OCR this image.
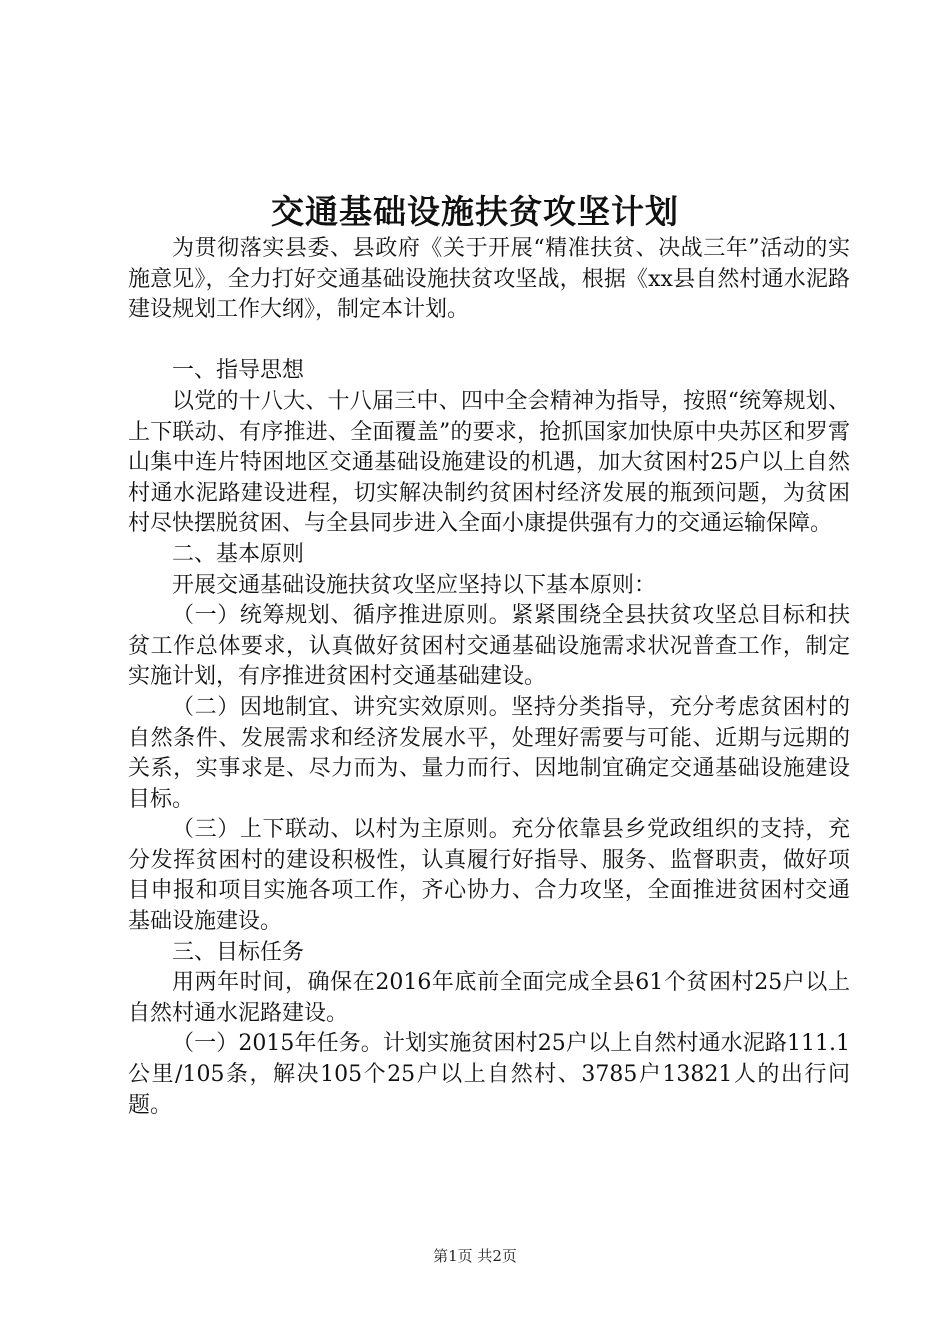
交通基础设施扶贫攻坚计划

为贯彻落实县委、县政府《关于开展“精准扶贫、决战三年”活动的实施意见》，全力打好交通基础设施扶贫攻坚战，根据《xx县自然村通水泥路建设规划工作大纲》，制定本计划。

一、指导思想

以党的十八大、十八届三中、四中全会精神为指导，按照“统筹规划、上下联动、有序推进、全面覆盖”的要求，抢抓国家加快原中央苏区和罗霄山集中连片特困地区交通基础设施建设的机遇，加大贫困村25户以上自然村通水泥路建设进程，切实解决制约贫困村经济发展的瓶颈问题，为贫困村尽快摆脱贫困、与全县同步进入全面小康提供强有力的交通运输保障。

二、基本原则

开展交通基础设施扶贫攻坚应坚持以下基本原则：

（一）统筹规划、循序推进原则。紧紧围绕全县扶贫攻坚总目标和扶贫工作总体要求，认真做好贫困村交通基础设施需求状况普查工作，制定实施计划，有序推进贫困村交通基础建设。

（二）因地制宜、讲究实效原则。坚持分类指导，充分考虑贫困村的自然条件、发展需求和经济发展水平，处理好需要与可能、近期与远期的关系，实事求是、尽力而为、量力而行、因地制宜确定交通基础设施建设目标。

（三）上下联动、以村为主原则。充分依靠县乡党政组织的支持，充分发挥贫困村的建设积极性，认真履行好指导、服务、监督职责，做好项目申报和项目实施各项工作，齐心协力、合力攻坚，全面推进贫困村交通基础设施建设。

三、目标任务

用两年时间，确保在2016年底前全面完成全县61个贫困村25户以上自然村通水泥路建设。

（一）2015年任务。计划实施贫困村25户以上自然村通水泥路111.1公里/105条，解决105个25户以上自然村、3785户13821人的出行问题。

第1页 共2页
